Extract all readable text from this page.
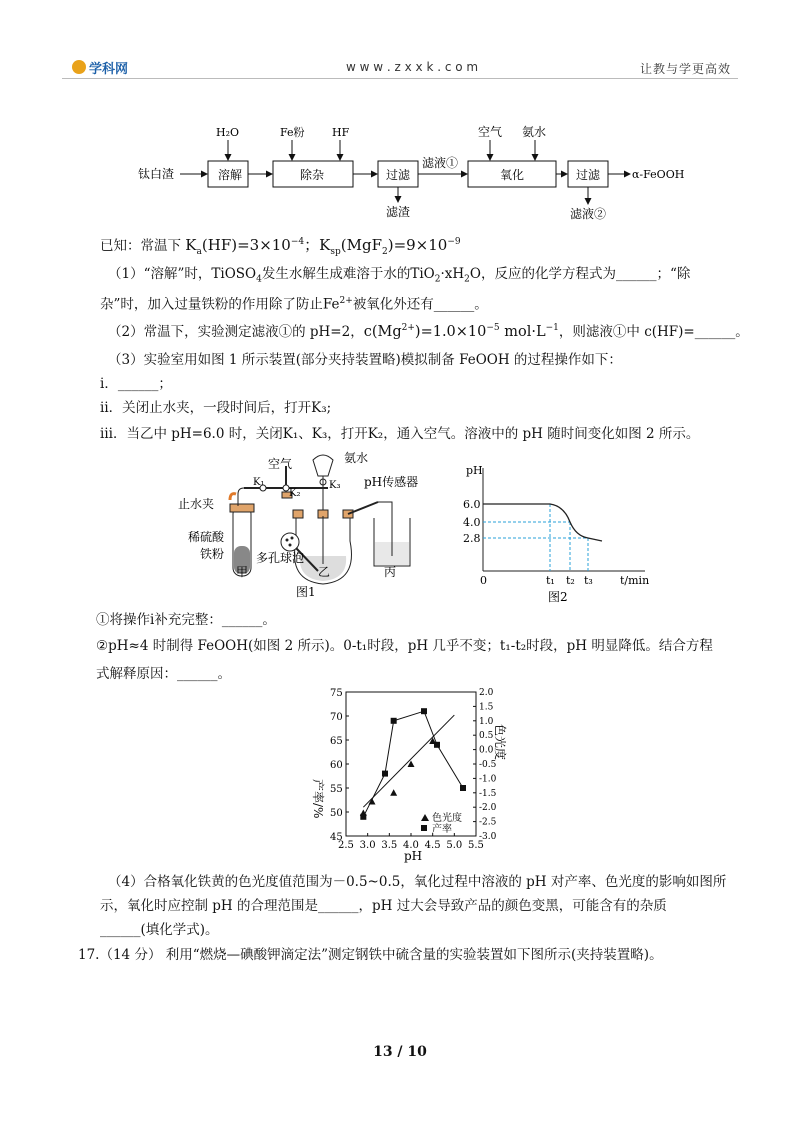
学科网	w w w . z x x k . c o m	让教与学更高效
钛白渣	溶解	除杂	过滤	氧化	过滤	α-FeOOH
滤液①
H₂O	Fe粉 HF	空气 氨水
滤渣	滤液②
已知：常温下 $K_a(HF)=3\times 10^{-4}$；$K_{sp}(MgF_2)=9\times 10^{-9}$
（1）“溶解”时，TiOSO$_4$发生水解生成难溶于水的$TiO_2\cdot xH_2O$，反应的化学方程式为______；“除
杂”时，加入过量铁粉的作用除了防止$Fe^{2+}$被氧化外还有______。
（2）常温下，实验测定滤液①的 pH=2，$c(Mg^{2+})=1.0\times 10^{-5}$ $mol\cdot L^{-1}$，则滤液①中 c(HF)=______。
（3）实验室用如图 1 所示装置(部分夹持装置略)模拟制备 FeOOH 的过程操作如下：
ⅰ．______；
ⅱ．关闭止水夹，一段时间后，打开K₃;
ⅲ．当乙中 pH=6.0 时，关闭K₁、K₃，打开K₂，通入空气。溶液中的 pH 随时间变化如图 2 所示。
空气	氨水
K₁
K₂
K₃ pH传感器
止水夹
稀硫酸
铁粉	多孔球泡
甲	乙	丙
图1
pH
t/min
6.0
4.0
2.8
0	t₁ t₂ t₃
图2
①将操作ⅰ补充完整：______。
②pH≈4 时制得 FeOOH(如图 2 所示)。0-t₁时段，pH 几乎不变；t₁-t₂时段，pH 明显降低。结合方程
式解释原因：______。
2.5 3.0 3.5 4.0 4.5 5.0 5.5
45
50
55
60
65
70
75
-3.0
-2.5
-2.0
-1.5
-1.0
-0.5
0.0
0.5
1.0
1.5
2.0
产率/%
色光度
pH
色光度
产率
（4）合格氧化铁黄的色光度值范围为－0.5~0.5，氧化过程中溶液的 pH 对产率、色光度的影响如图所
示，氧化时应控制 pH 的合理范围是______，pH 过大会导致产品的颜色变黑，可能含有的杂质
______(填化学式)。
17.（14 分） 利用“燃烧—碘酸钾滴定法”测定钢铁中硫含量的实验装置如下图所示(夹持装置略)。
13 / 10
